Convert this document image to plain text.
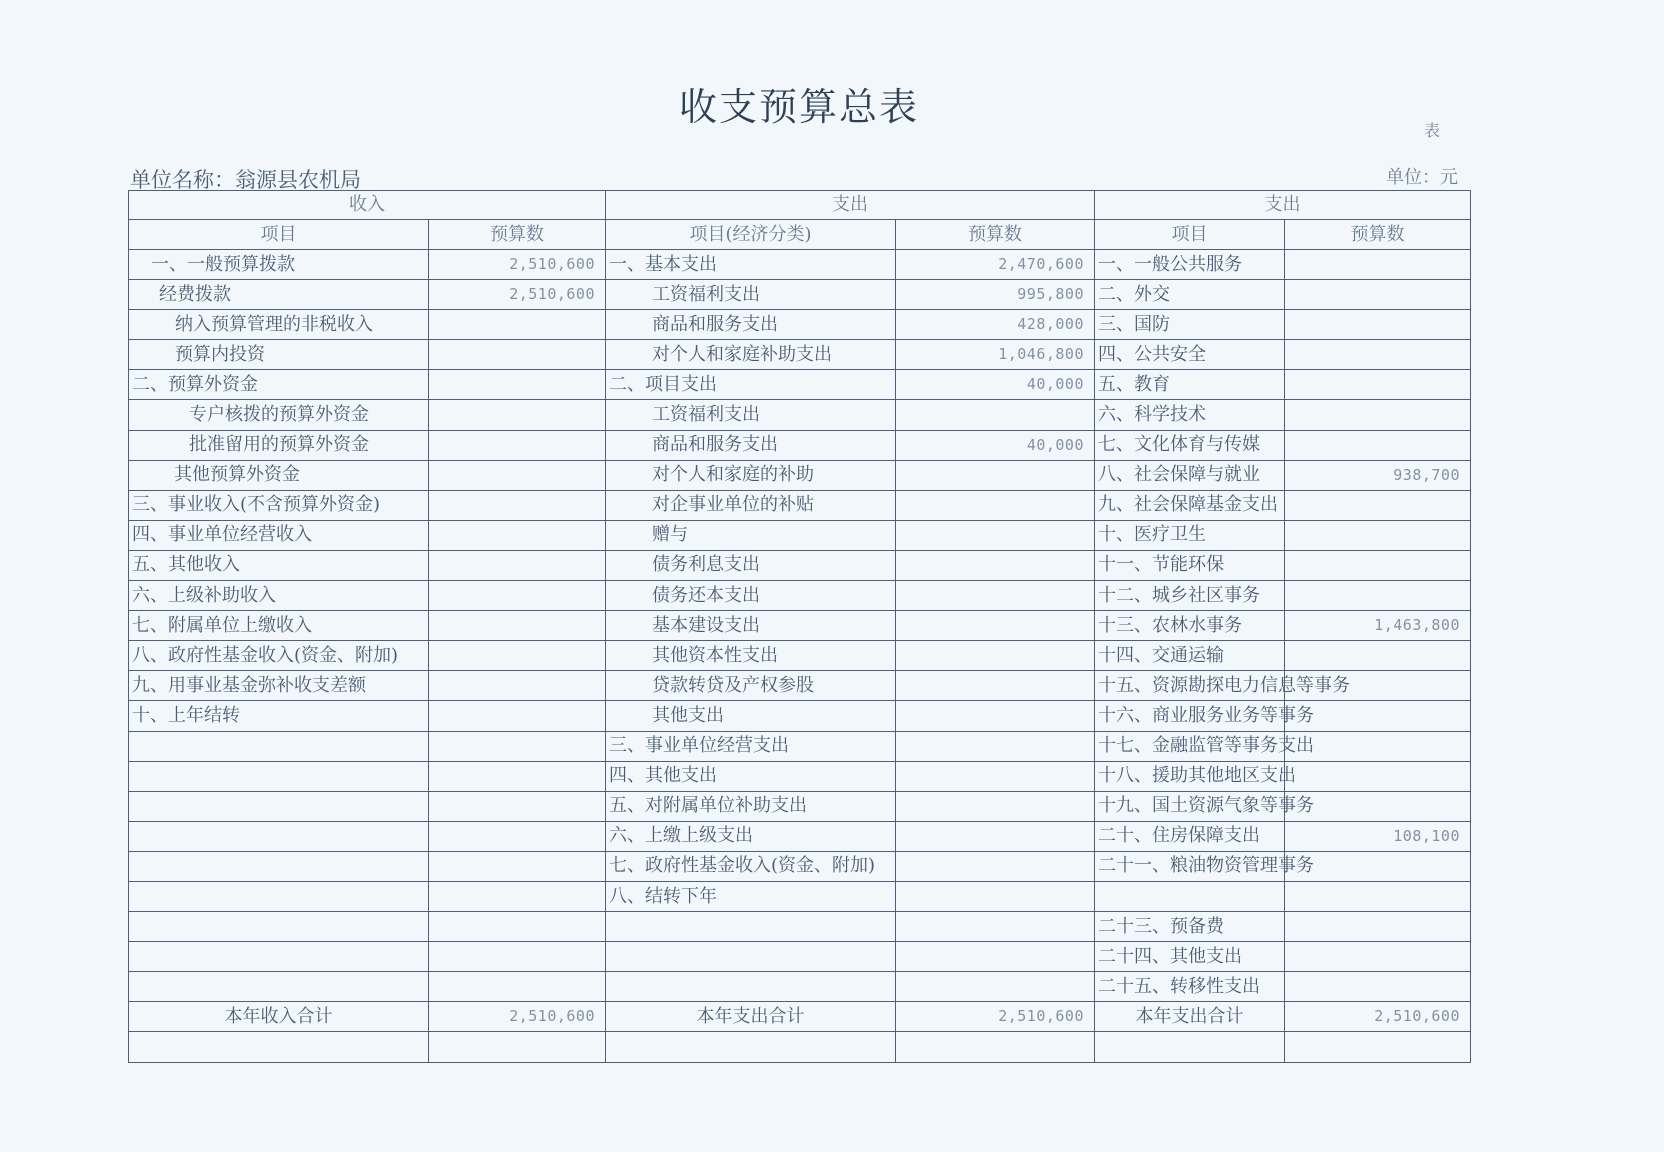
收支预算总表
表
单位名称：翁源县农机局	单位：元
收入		支出		支出	
项目	预算数	项目(经济分类)	预算数	项目	预算数
一、一般预算拨款	2,510,600	一、基本支出	2,470,600	一、一般公共服务	
经费拨款	2,510,600	工资福利支出	995,800	二、外交	
纳入预算管理的非税收入		商品和服务支出	428,000	三、国防	
预算内投资		对个人和家庭补助支出	1,046,800	四、公共安全	
二、预算外资金		二、项目支出	40,000	五、教育	
专户核拨的预算外资金		工资福利支出		六、科学技术	
批准留用的预算外资金		商品和服务支出	40,000	七、文化体育与传媒	
其他预算外资金		对个人和家庭的补助		八、社会保障与就业	938,700
三、事业收入(不含预算外资金)		对企事业单位的补贴		九、社会保障基金支出	
四、事业单位经营收入		赠与		十、医疗卫生	
五、其他收入		债务利息支出		十一、节能环保	
六、上级补助收入		债务还本支出		十二、城乡社区事务	
七、附属单位上缴收入		基本建设支出		十三、农林水事务	1,463,800
八、政府性基金收入(资金、附加)		其他资本性支出		十四、交通运输	
九、用事业基金弥补收支差额		贷款转贷及产权参股		十五、资源勘探电力信息等事务	
十、上年结转		其他支出		十六、商业服务业务等事务	
		三、事业单位经营支出		十七、金融监管等事务支出	
		四、其他支出		十八、援助其他地区支出	
		五、对附属单位补助支出		十九、国土资源气象等事务	
		六、上缴上级支出		二十、住房保障支出	108,100
		七、政府性基金收入(资金、附加)		二十一、粮油物资管理事务	
		八、结转下年			
				二十三、预备费	
				二十四、其他支出	
				二十五、转移性支出	
本年收入合计	2,510,600	本年支出合计	2,510,600	本年支出合计	2,510,600
